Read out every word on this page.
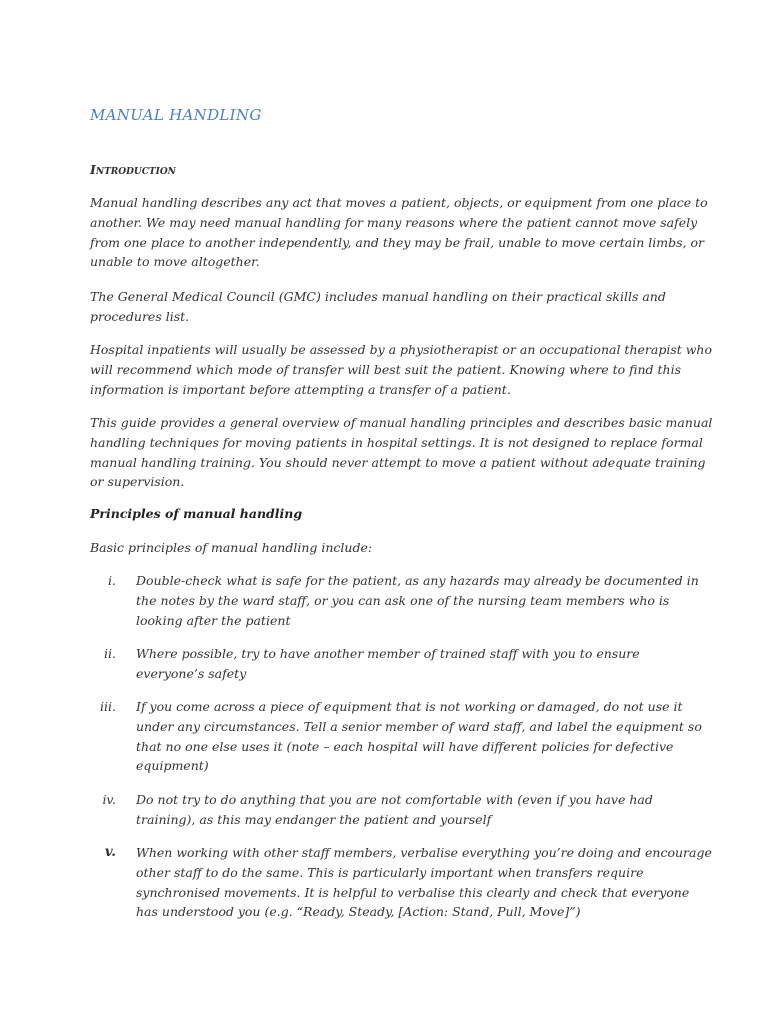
MANUAL HANDLING
Introduction

Manual handling describes any act that moves a patient, objects, or equipment from one place to
another. We may need manual handling for many reasons where the patient cannot move safely
from one place to another independently, and they may be frail, unable to move certain limbs, or
unable to move altogether.

The General Medical Council (GMC) includes manual handling on their practical skills and
procedures list.

Hospital inpatients will usually be assessed by a physiotherapist or an occupational therapist who
will recommend which mode of transfer will best suit the patient. Knowing where to find this
information is important before attempting a transfer of a patient.

This guide provides a general overview of manual handling principles and describes basic manual
handling techniques for moving patients in hospital settings. It is not designed to replace formal
manual handling training. You should never attempt to move a patient without adequate training
or supervision.

Principles of manual handling

Basic principles of manual handling include:

i. Double-check what is safe for the patient, as any hazards may already be documented in
the notes by the ward staff, or you can ask one of the nursing team members who is
looking after the patient
ii. Where possible, try to have another member of trained staff with you to ensure
everyone’s safety
iii. If you come across a piece of equipment that is not working or damaged, do not use it
under any circumstances. Tell a senior member of ward staff, and label the equipment so
that no one else uses it (note – each hospital will have different policies for defective
equipment)
iv. Do not try to do anything that you are not comfortable with (even if you have had
training), as this may endanger the patient and yourself
v. When working with other staff members, verbalise everything you’re doing and encourage
other staff to do the same. This is particularly important when transfers require
synchronised movements. It is helpful to verbalise this clearly and check that everyone
has understood you (e.g. “Ready, Steady, [Action: Stand, Pull, Move]”)
